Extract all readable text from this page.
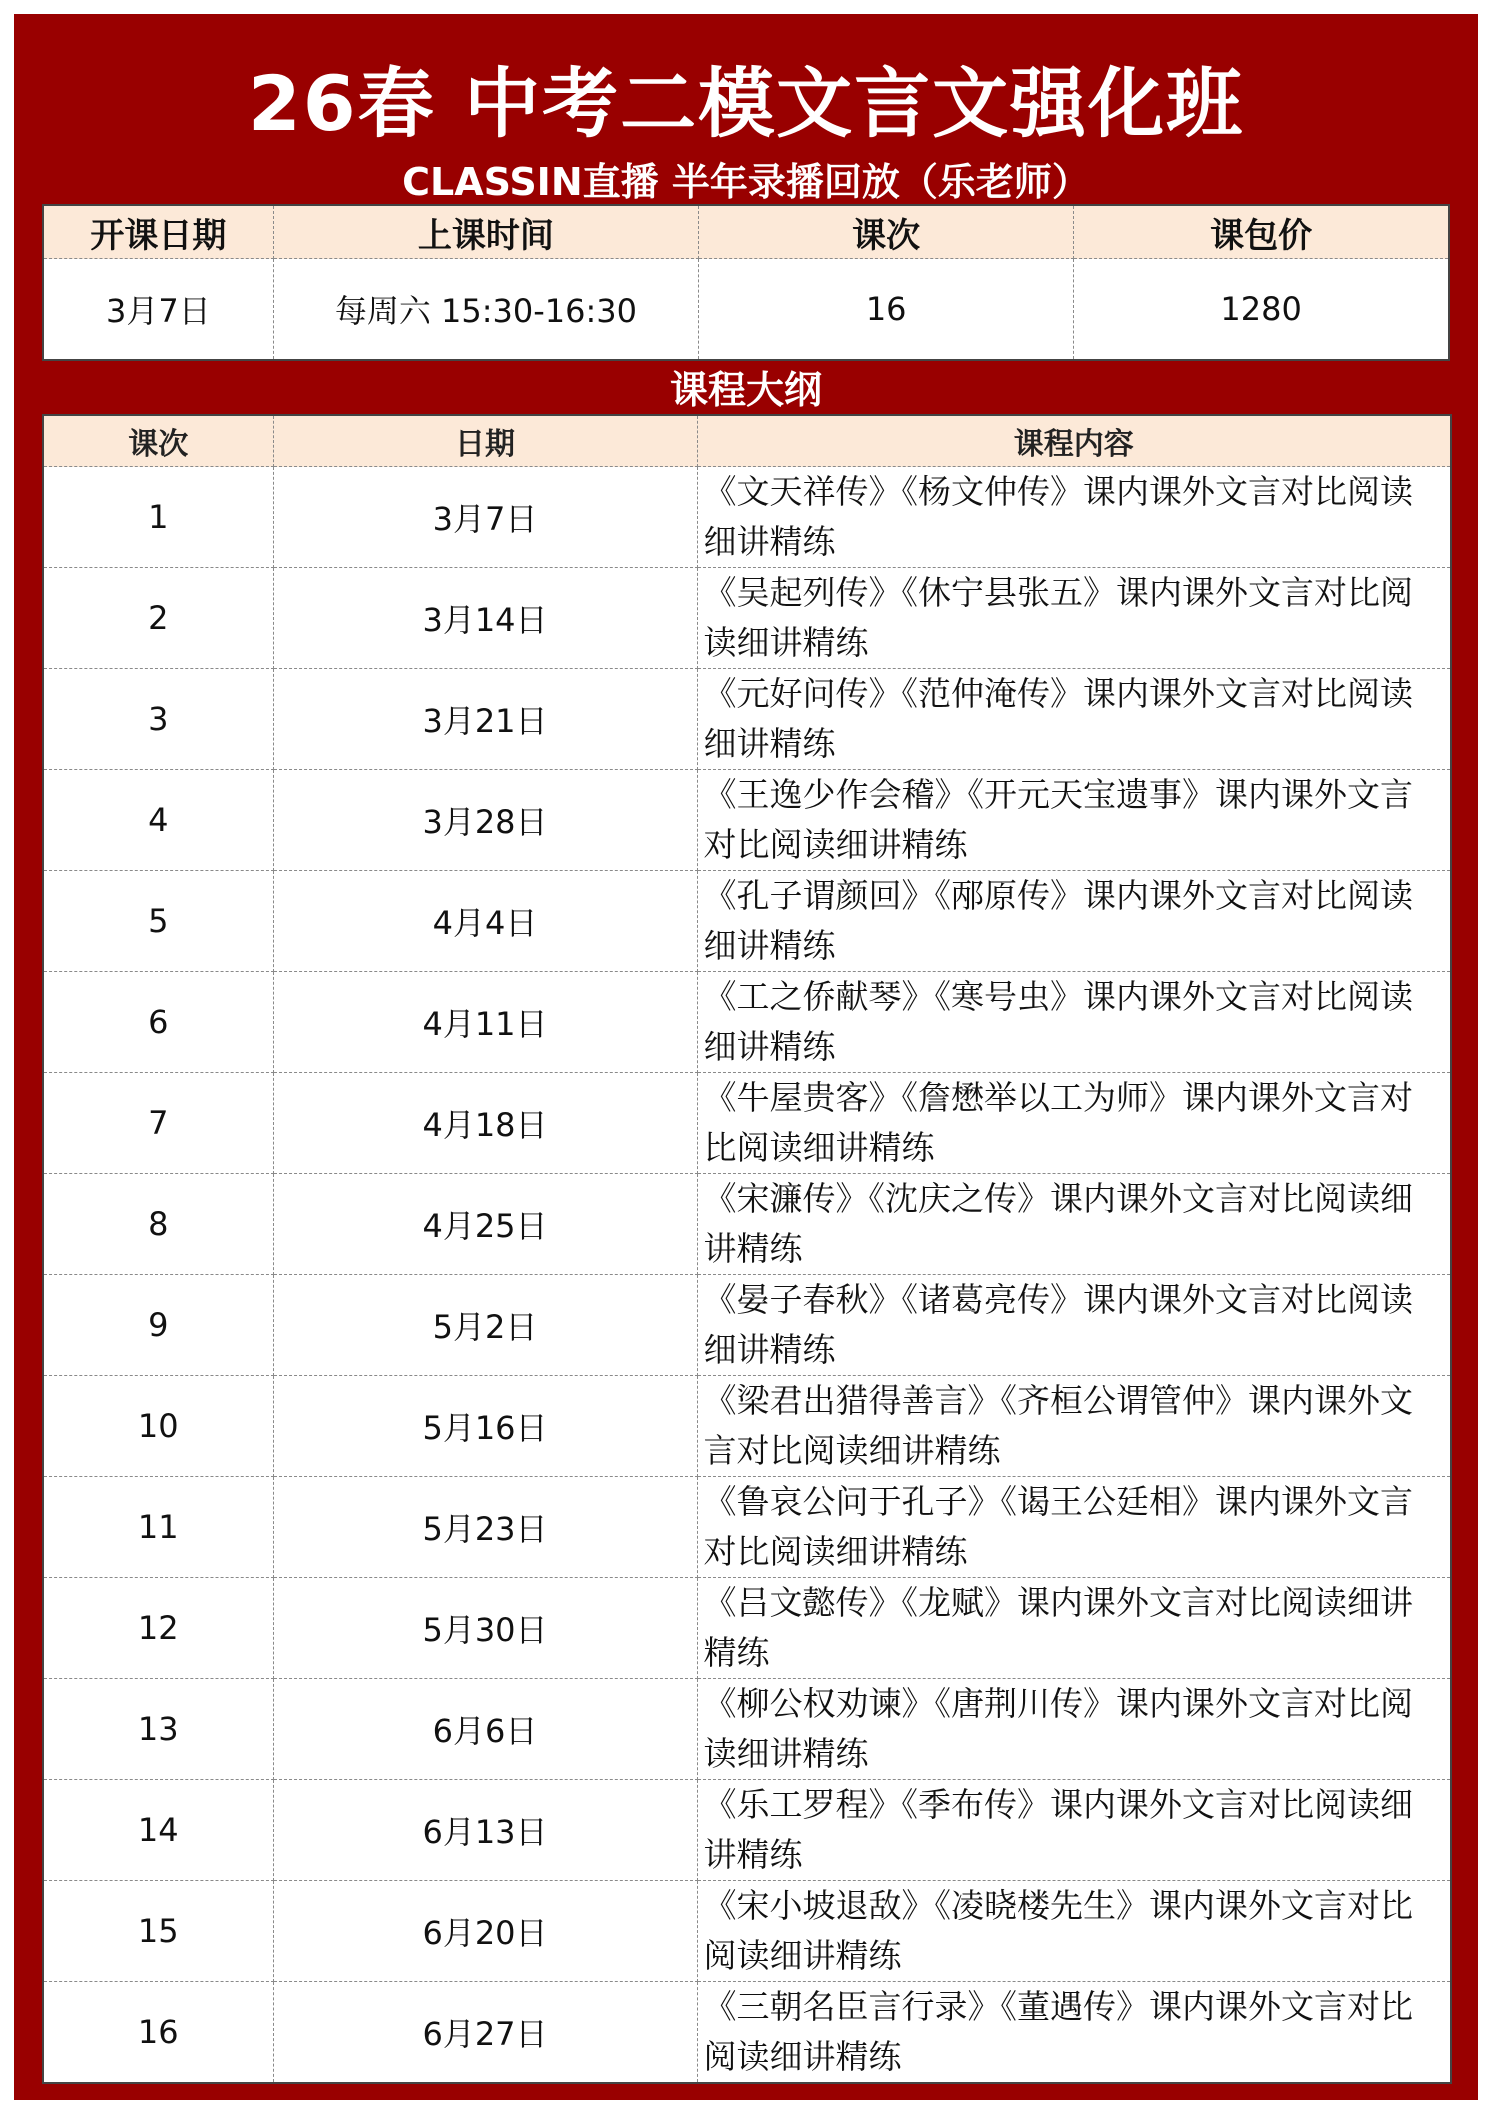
26春 中考二模文言文强化班
CLASSIN直播 半年录播回放（乐老师）
开课日期	上课时间	课次	课包价
3月7日	每周六 15:30-16:30	16	1280
课程大纲
课次	日期	课程内容
1	3月7日	《文天祥传》《杨文仲传》课内课外文言对比阅读细讲精练
2	3月14日	《吴起列传》《休宁县张五》课内课外文言对比阅读细讲精练
3	3月21日	《元好问传》《范仲淹传》课内课外文言对比阅读细讲精练
4	3月28日	《王逸少作会稽》《开元天宝遗事》课内课外文言对比阅读细讲精练
5	4月4日	《孔子谓颜回》《邴原传》课内课外文言对比阅读细讲精练
6	4月11日	《工之侨献琴》《寒号虫》课内课外文言对比阅读细讲精练
7	4月18日	《牛屋贵客》《詹懋举以工为师》课内课外文言对比阅读细讲精练
8	4月25日	《宋濂传》《沈庆之传》课内课外文言对比阅读细讲精练
9	5月2日	《晏子春秋》《诸葛亮传》课内课外文言对比阅读细讲精练
10	5月16日	《梁君出猎得善言》《齐桓公谓管仲》课内课外文言对比阅读细讲精练
11	5月23日	《鲁哀公问于孔子》《谒王公廷相》课内课外文言对比阅读细讲精练
12	5月30日	《吕文懿传》《龙赋》课内课外文言对比阅读细讲精练
13	6月6日	《柳公权劝谏》《唐荆川传》课内课外文言对比阅读细讲精练
14	6月13日	《乐工罗程》《季布传》课内课外文言对比阅读细讲精练
15	6月20日	《宋小坡退敌》《凌晓楼先生》课内课外文言对比阅读细讲精练
16	6月27日	《三朝名臣言行录》《董遇传》课内课外文言对比阅读细讲精练
